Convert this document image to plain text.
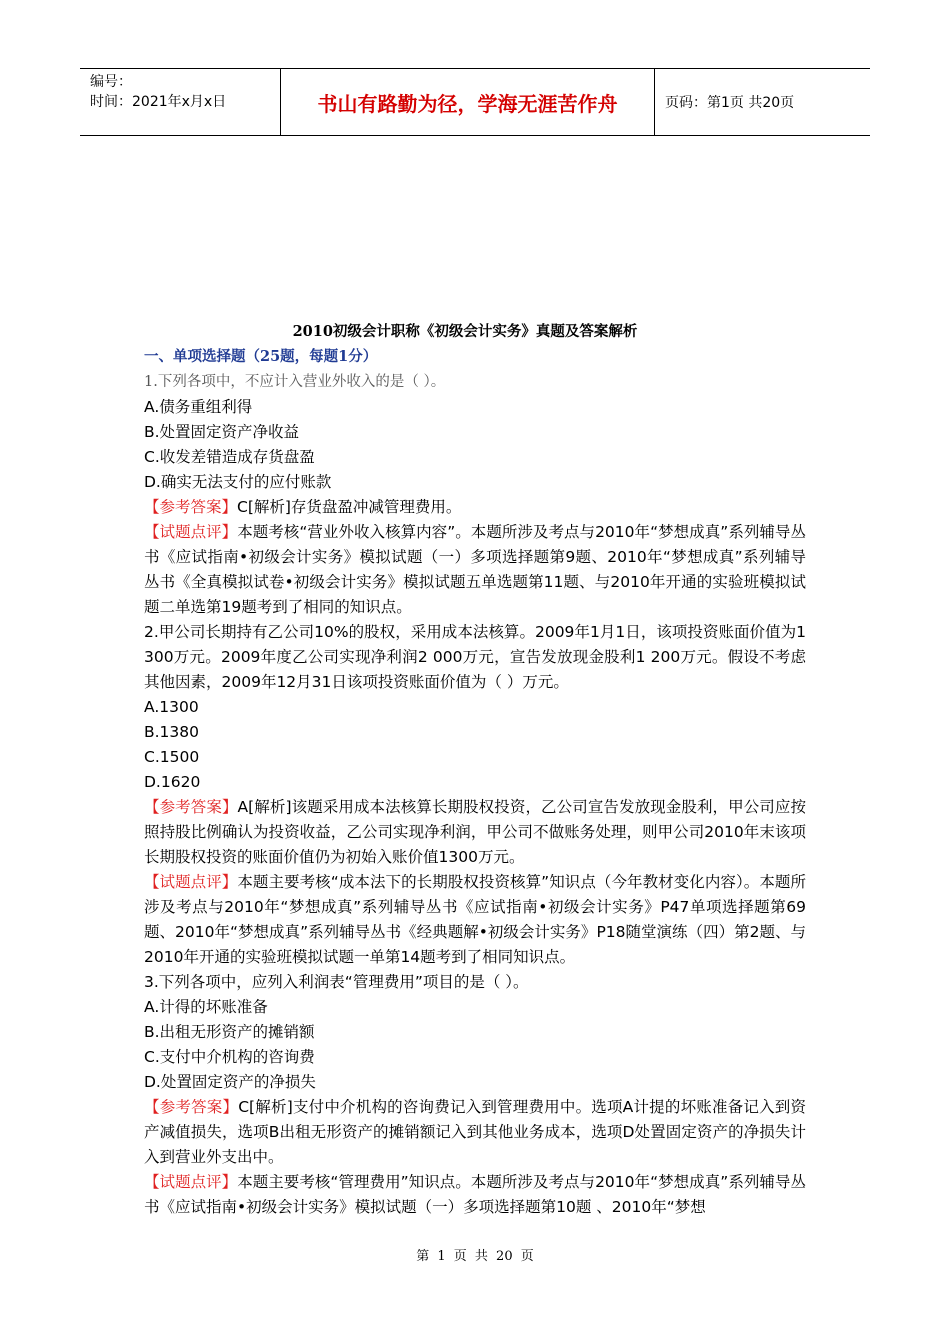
编号：
时间：2021年x月x日	书山有路勤为径，学海无涯苦作舟	页码：第1页 共20页
2010初级会计职称《初级会计实务》真题及答案解析
一、单项选择题（25题，每题1分）
1.下列各项中，不应计入营业外收入的是（ ）。
A.债务重组利得
B.处置固定资产净收益
C.收发差错造成存货盘盈
D.确实无法支付的应付账款
【参考答案】C[解析]存货盘盈冲减管理费用。
【试题点评】本题考核“营业外收入核算内容”。本题所涉及考点与2010年“梦想成真”系列辅导丛书《应试指南•初级会计实务》模拟试题（一）多项选择题第9题、2010年“梦想成真”系列辅导丛书《全真模拟试卷•初级会计实务》模拟试题五单选题第11题、与2010年开通的实验班模拟试题二单选第19题考到了相同的知识点。
2.甲公司长期持有乙公司10%的股权，采用成本法核算。2009年1月1日，该项投资账面价值为1 300万元。2009年度乙公司实现净利润2 000万元，宣告发放现金股利1 200万元。假设不考虑其他因素，2009年12月31日该项投资账面价值为（ ）万元。
A.1300
B.1380
C.1500
D.1620
【参考答案】A[解析]该题采用成本法核算长期股权投资，乙公司宣告发放现金股利，甲公司应按照持股比例确认为投资收益，乙公司实现净利润，甲公司不做账务处理，则甲公司2010年末该项长期股权投资的账面价值仍为初始入账价值1300万元。
【试题点评】本题主要考核“成本法下的长期股权投资核算”知识点（今年教材变化内容）。本题所涉及考点与2010年“梦想成真”系列辅导丛书《应试指南•初级会计实务》P47单项选择题第69题、2010年“梦想成真”系列辅导丛书《经典题解•初级会计实务》P18随堂演练（四）第2题、与2010年开通的实验班模拟试题一单第14题考到了相同知识点。
3.下列各项中，应列入利润表“管理费用”项目的是（ ）。
A.计得的坏账准备
B.出租无形资产的摊销额
C.支付中介机构的咨询费
D.处置固定资产的净损失
【参考答案】C[解析]支付中介机构的咨询费记入到管理费用中。选项A计提的坏账准备记入到资产减值损失，选项B出租无形资产的摊销额记入到其他业务成本，选项D处置固定资产的净损失计入到营业外支出中。
【试题点评】本题主要考核“管理费用”知识点。本题所涉及考点与2010年“梦想成真”系列辅导丛书《应试指南•初级会计实务》模拟试题（一）多项选择题第10题 、2010年“梦想
第 1 页 共 20 页
